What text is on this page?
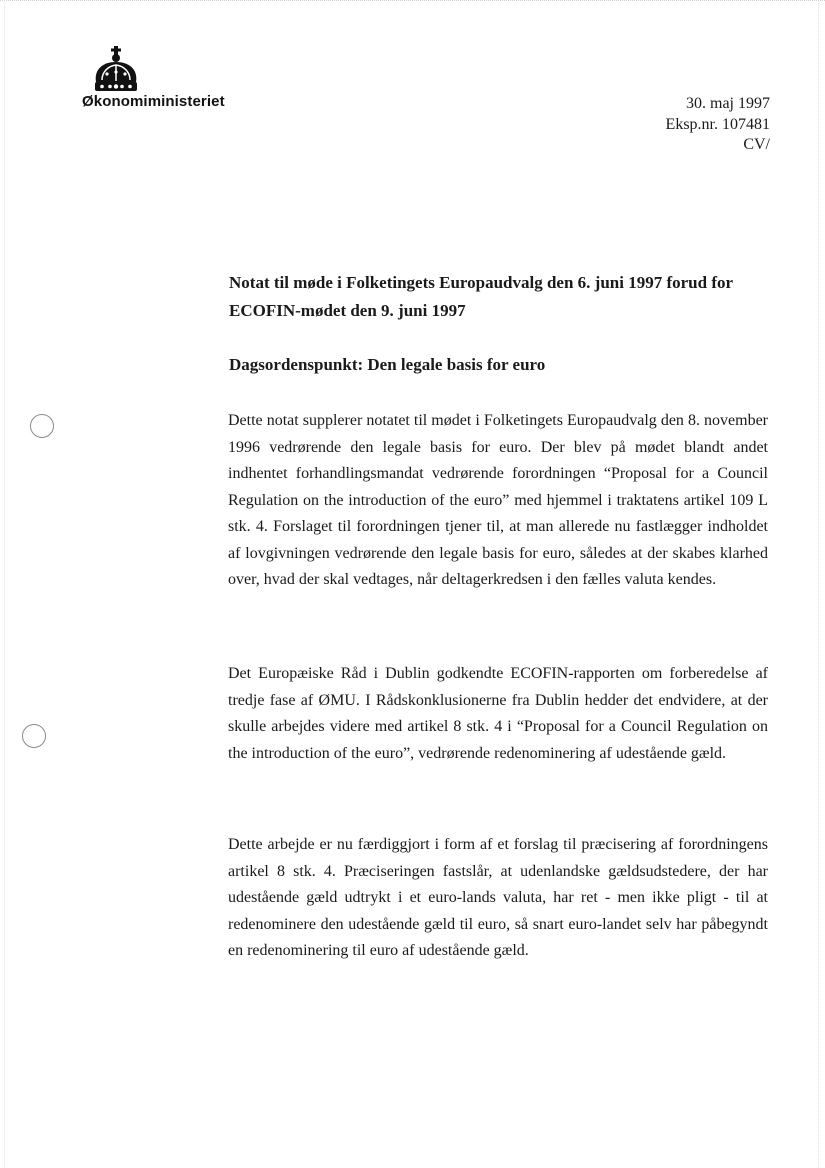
Økonomiministeriet	30. maj 1997
Eksp.nr. 107481
CV/
Notat til møde i Folketingets Europaudvalg den 6. juni 1997 forud for ECOFIN-mødet den 9. juni 1997
Dagsordenspunkt: Den legale basis for euro
Dette notat supplerer notatet til mødet i Folketingets Europaudvalg den 8. november 1996 vedrørende den legale basis for euro. Der blev på mødet blandt andet indhentet forhandlingsmandat vedrørende forordningen “Proposal for a Council Regulation on the introduction of the euro” med hjemmel i traktatens artikel 109 L stk. 4. Forslaget til forordningen tjener til, at man allerede nu fastlægger indholdet af lovgivningen vedrørende den legale basis for euro, således at der skabes klarhed over, hvad der skal vedtages, når deltagerkredsen i den fælles valuta kendes.
Det Europæiske Råd i Dublin godkendte ECOFIN-rapporten om forberedelse af tredje fase af ØMU. I Rådskonklusionerne fra Dublin hedder det endvidere, at der skulle arbejdes videre med artikel 8 stk. 4 i “Proposal for a Council Regulation on the introduction of the euro”, vedrørende redenominering af udestående gæld.
Dette arbejde er nu færdiggjort i form af et forslag til præcisering af forordningens artikel 8 stk. 4. Præciseringen fastslår, at udenlandske gældsudstedere, der har udestående gæld udtrykt i et euro-lands valuta, har ret - men ikke pligt - til at redenominere den udestående gæld til euro, så snart euro-landet selv har påbegyndt en redenominering til euro af udestående gæld.
